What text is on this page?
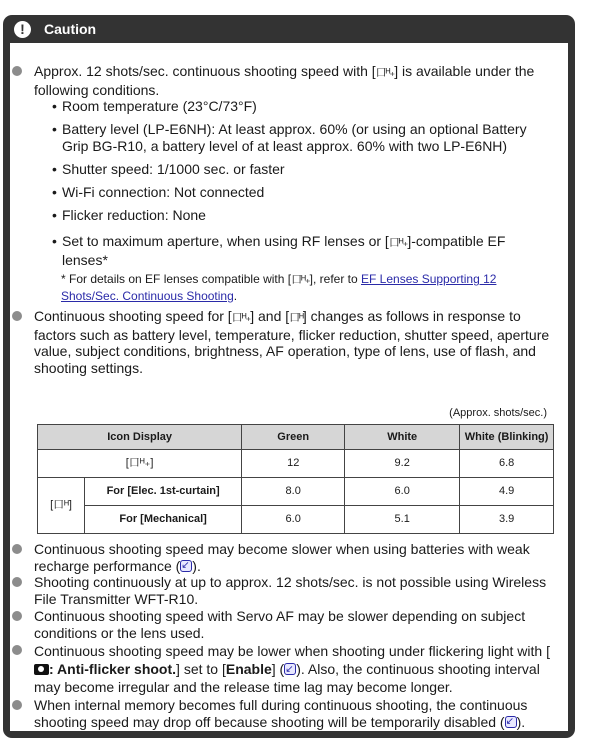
!	Caution
Approx. 12 shots/sec. continuous shooting speed with [口ᴴ₊] is available under the following conditions.
• Room temperature (23°C/73°F)
• Battery level (LP-E6NH): At least approx. 60% (or using an optional Battery Grip BG-R10, a battery level of at least approx. 60% with two LP-E6NH)
• Shutter speed: 1/1000 sec. or faster
• Wi-Fi connection: Not connected
• Flicker reduction: None
• Set to maximum aperture, when using RF lenses or [口ᴴ₊]-compatible EF lenses*
* For details on EF lenses compatible with [口ᴴ₊], refer to EF Lenses Supporting 12 Shots/Sec. Continuous Shooting.
Continuous shooting speed for [口ᴴ₊] and [口ᴴ] changes as follows in response to factors such as battery level, temperature, flicker reduction, shutter speed, aperture value, subject conditions, brightness, AF operation, type of lens, use of flash, and shooting settings.
(Approx. shots/sec.)
Icon Display		Green	White	White (Blinking)
[口ᴴ₊]		12	9.2	6.8
[口ᴴ]	For [Elec. 1st-curtain]	8.0	6.0	4.9
	For [Mechanical]	6.0	5.1	3.9
Continuous shooting speed may become slower when using batteries with weak recharge performance ( ↙ ).
Shooting continuously at up to approx. 12 shots/sec. is not possible using Wireless File Transmitter WFT-R10.
Continuous shooting speed with Servo AF may be slower depending on subject conditions or the lens used.
Continuous shooting speed may be lower when shooting under flickering light with [: Anti-flicker shoot.] set to [Enable] ( ↙ ). Also, the continuous shooting interval may become irregular and the release time lag may become longer.
When internal memory becomes full during continuous shooting, the continuous shooting speed may drop off because shooting will be temporarily disabled ( ↙ ).
